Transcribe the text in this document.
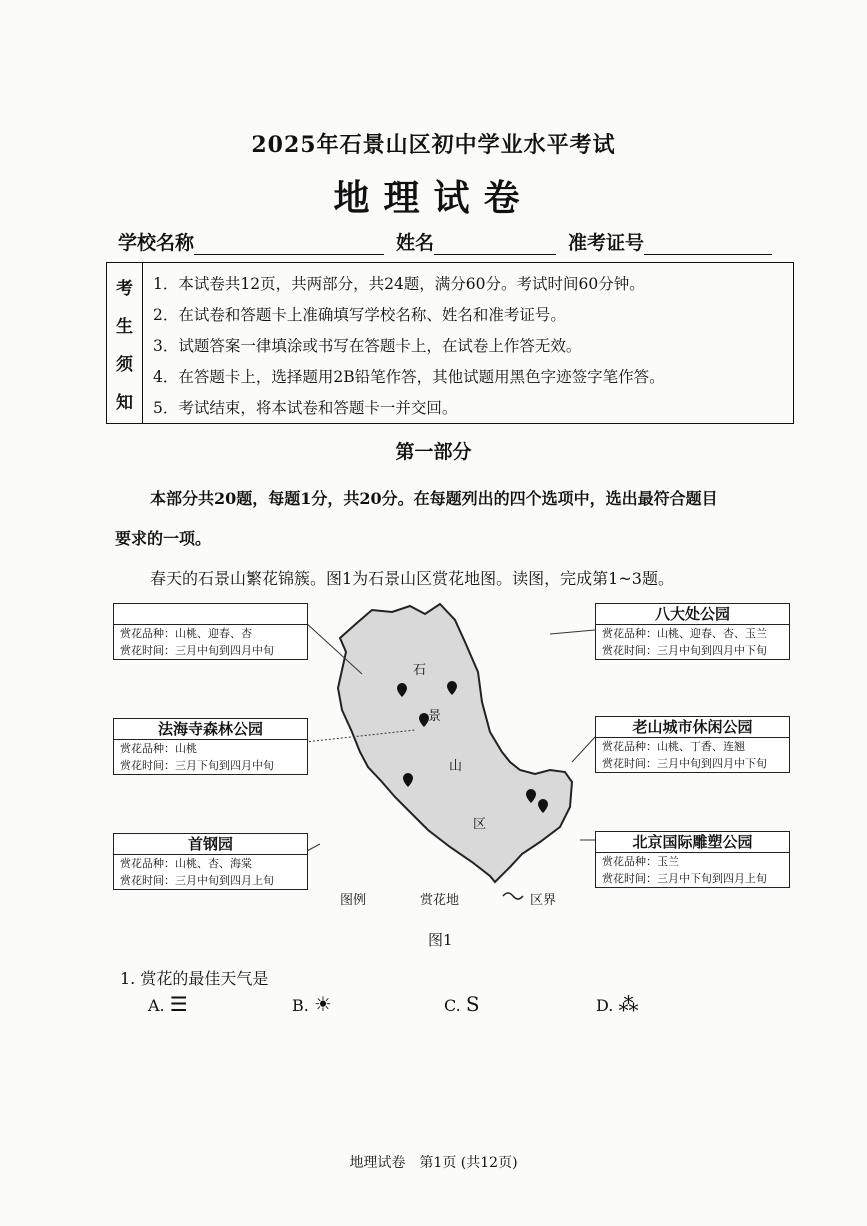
2025年石景山区初中学业水平考试
地理试卷
学校名称	姓名	准考证号
考
生
须
知
1．本试卷共12页，共两部分，共24题，满分60分。考试时间60分钟。
2．在试卷和答题卡上准确填写学校名称、姓名和准考证号。
3．试题答案一律填涂或书写在答题卡上，在试卷上作答无效。
4．在答题卡上，选择题用2B铅笔作答，其他试题用黑色字迹签字笔作答。
5．考试结束，将本试卷和答题卡一并交回。
第一部分
本部分共20题，每题1分，共20分。在每题列出的四个选项中，选出最符合题目
要求的一项。
春天的石景山繁花锦簇。图1为石景山区赏花地图。读图，完成第1~3题。
石
景
山
区
赏花品种：山桃、迎春、杏
赏花时间：三月中旬到四月中旬
法海寺森林公园
赏花品种：山桃
赏花时间：三月下旬到四月中旬
首钢园
赏花品种：山桃、杏、海棠
赏花时间：三月中旬到四月上旬
八大处公园
赏花品种：山桃、迎春、杏、玉兰
赏花时间：三月中旬到四月中下旬
老山城市休闲公园
赏花品种：山桃、丁香、连翘
赏花时间：三月中旬到四月中下旬
北京国际雕塑公园
赏花品种：玉兰
赏花时间：三月中下旬到四月上旬
图例	赏花地	区界
图1
1. 赏花的最佳天气是
A. ☰	B. ☀	C. S	D. ⁂
地理试卷　第1页 (共12页)
